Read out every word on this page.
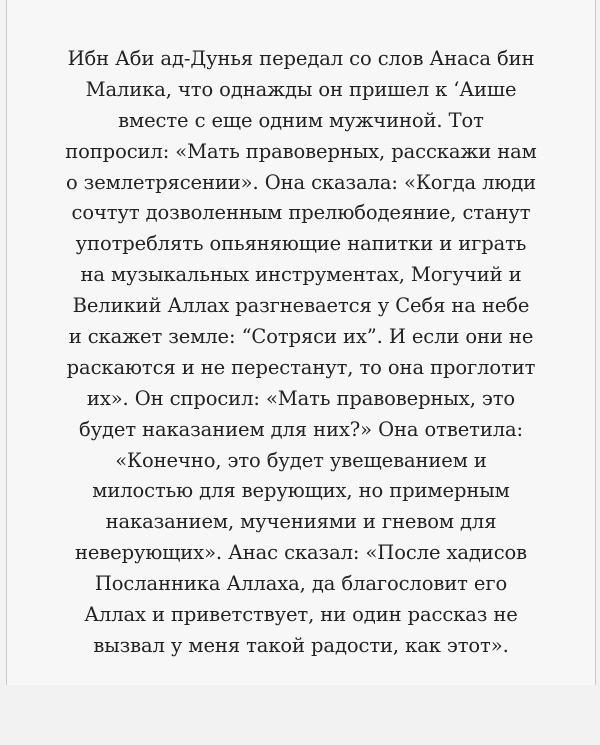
Ибн Аби ад-Дунья передал со слов Анаса бин
Малика, что однажды он пришел к ‘Аише
вместе с еще одним мужчиной. Тот
попросил: «Мать правоверных, расскажи нам
о землетрясении». Она сказала: «Когда люди
сочтут дозволенным прелюбодеяние, станут
употреблять опьяняющие напитки и играть
на музыкальных инструментах, Могучий и
Великий Аллах разгневается у Себя на небе
и скажет земле: “Сотряси их”. И если они не
раскаются и не перестанут, то она проглотит
их». Он спросил: «Мать правоверных, это
будет наказанием для них?» Она ответила:
«Конечно, это будет увещеванием и
милостью для верующих, но примерным
наказанием, мучениями и гневом для
неверующих». Анас сказал: «После хадисов
Посланника Аллаха, да благословит его
Аллах и приветствует, ни один рассказ не
вызвал у меня такой радости, как этот».
